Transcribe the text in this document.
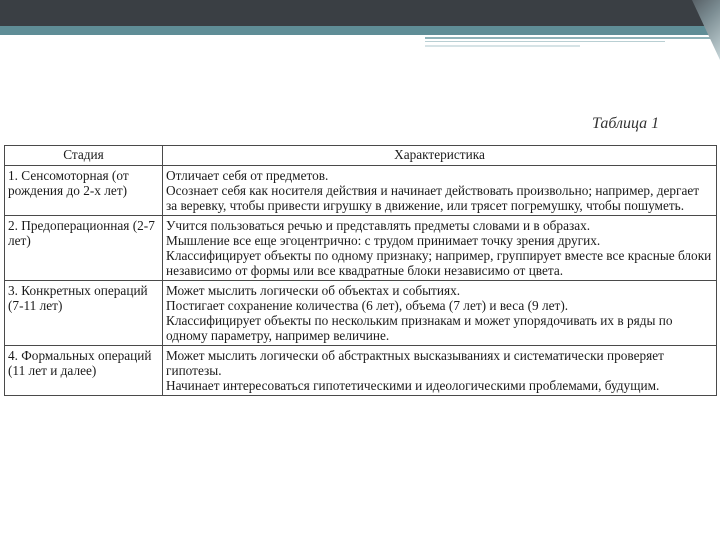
Таблица 1
Стадия	Характеристика
1. Сенсомоторная (от рождения до 2-х лет)	Отличает себя от предметов.
Осознает себя как носителя действия и начинает действовать произвольно; например, дергает за веревку, чтобы привести игрушку в движение, или трясет погремушку, чтобы пошуметь.

2. Предоперационная (2-7 лет)	Учится пользоваться речью и представлять предметы словами и в образах.
Мышление все еще эгоцентрично: с трудом принимает точку зрения других.
Классифицирует объекты по одному признаку; например, группирует вместе все красные блоки независимо от формы или все квадратные блоки независимо от цвета.

3. Конкретных операций (7-11 лет)	Может мыслить логически об объектах и событиях.
Постигает сохранение количества (6 лет), объема (7 лет) и веса (9 лет).
Классифицирует объекты по нескольким признакам и может упорядочивать их в ряды по одному параметру, например величине.

4. Формальных операций (11 лет и далее)	Может мыслить логически об абстрактных высказываниях и систематически проверяет гипотезы.
Начинает интересоваться гипотетическими и идеологическими проблемами, будущим.
